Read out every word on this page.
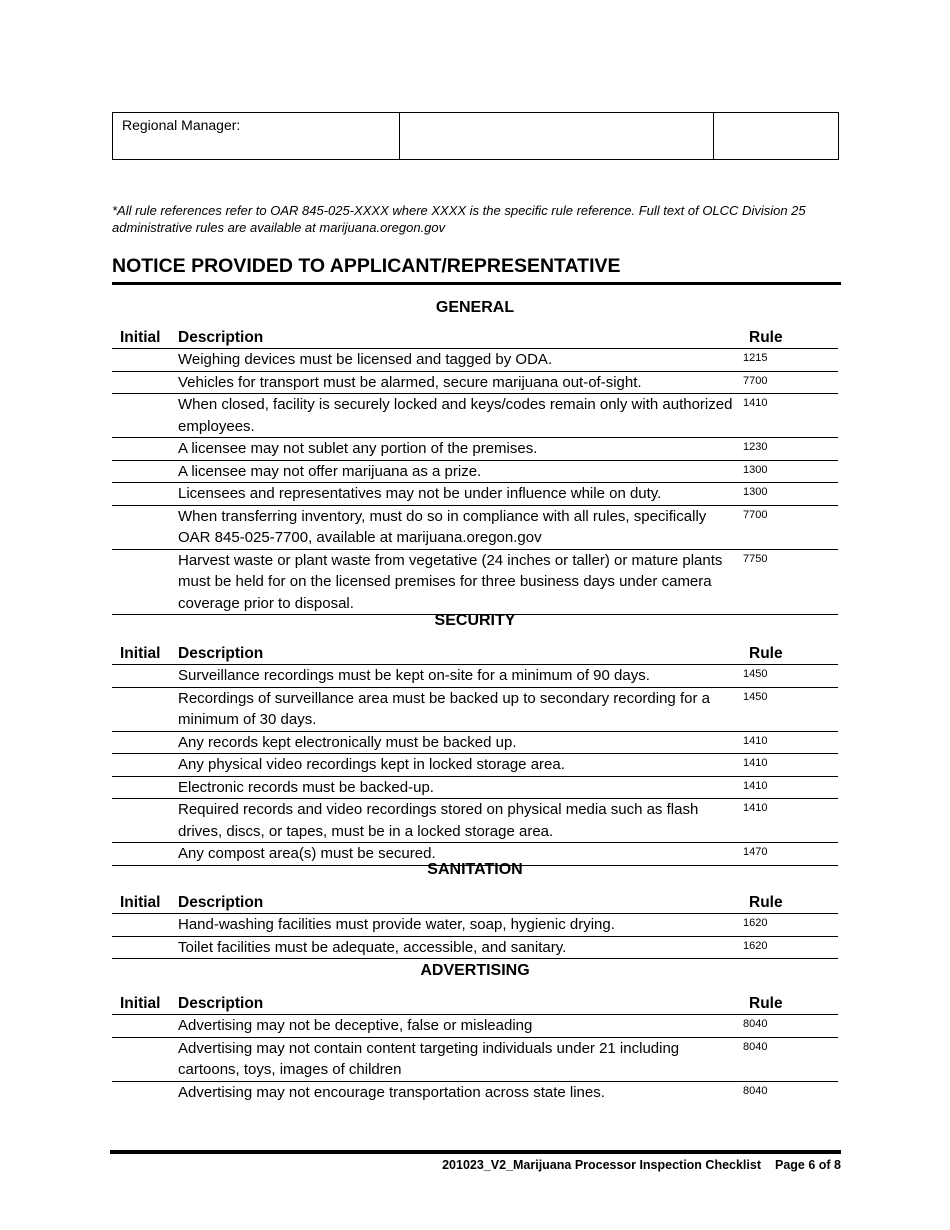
Regional Manager:

*All rule references refer to OAR 845-025-XXXX where XXXX is the specific rule reference. Full text of OLCC Division 25 administrative rules are available at marijuana.oregon.gov
NOTICE PROVIDED TO APPLICANT/REPRESENTATIVE
GENERAL
Initial	Description	Rule
	Weighing devices must be licensed and tagged by ODA.	1215
	Vehicles for transport must be alarmed, secure marijuana out-of-sight.	7700
	When closed, facility is securely locked and keys/codes remain only with authorized employees.	1410
	A licensee may not sublet any portion of the premises.	1230
	A licensee may not offer marijuana as a prize.	1300
	Licensees and representatives may not be under influence while on duty.	1300
	When transferring inventory, must do so in compliance with all rules, specifically OAR 845-025-7700, available at marijuana.oregon.gov	7700
	Harvest waste or plant waste from vegetative (24 inches or taller) or mature plants must be held for on the licensed premises for three business days under camera coverage prior to disposal.	7750
SECURITY
Initial	Description	Rule
	Surveillance recordings must be kept on-site for a minimum of 90 days.	1450
	Recordings of surveillance area must be backed up to secondary recording for a minimum of 30 days.	1450
	Any records kept electronically must be backed up.	1410
	Any physical video recordings kept in locked storage area.	1410
	Electronic records must be backed-up.	1410
	Required records and video recordings stored on physical media such as flash drives, discs, or tapes, must be in a locked storage area.	1410
	Any compost area(s) must be secured.	1470
SANITATION
Initial	Description	Rule
	Hand-washing facilities must provide water, soap, hygienic drying.	1620
	Toilet facilities must be adequate, accessible, and sanitary.	1620
ADVERTISING
Initial	Description	Rule
	Advertising may not be deceptive, false or misleading	8040
	Advertising may not contain content targeting individuals under 21 including cartoons, toys, images of children	8040
	Advertising may not encourage transportation across state lines.	8040
201023_V2_Marijuana Processor Inspection Checklist Page 6 of 8
